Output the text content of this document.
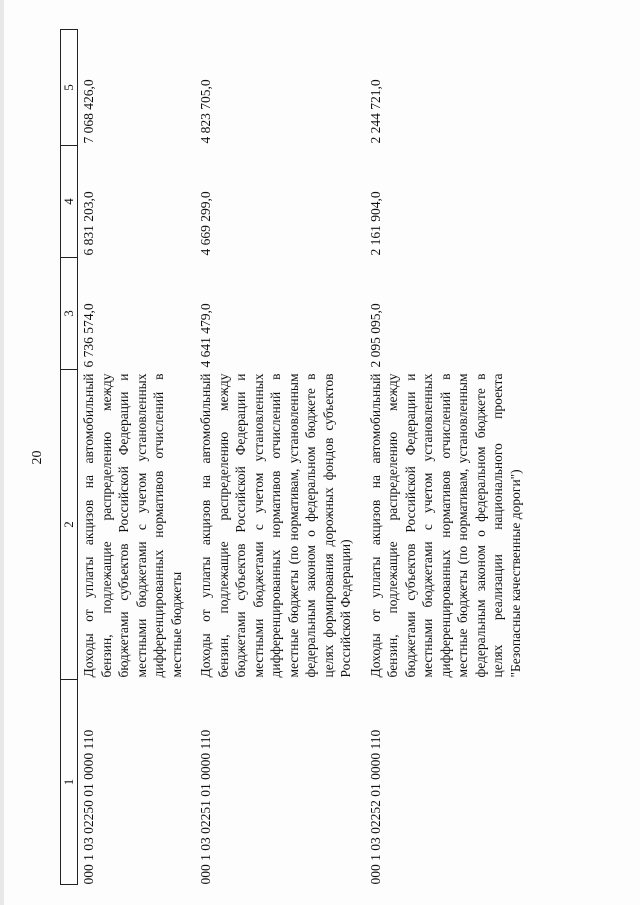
20
1	2	3	4	5
000 1 03 02250 01 0000 110	Доходы от уплаты акцизов на автомобильный бензин, подлежащие распределению между бюджетами субъектов Российской Федерации и местными бюджетами с учетом установленных дифференцированных нормативов отчислений в местные бюджеты	6 736 574,0	6 831 203,0	7 068 426,0
000 1 03 02251 01 0000 110	Доходы от уплаты акцизов на автомобильный бензин, подлежащие распределению между бюджетами субъектов Российской Федерации и местными бюджетами с учетом установленных дифференцированных нормативов отчислений в местные бюджеты (по нормативам, установленным федеральным законом о федеральном бюджете в целях формирования дорожных фондов субъектов Российской Федерации)	4 641 479,0	4 669 299,0	4 823 705,0
000 1 03 02252 01 0000 110	Доходы от уплаты акцизов на автомобильный бензин, подлежащие распределению между бюджетами субъектов Российской Федерации и местными бюджетами с учетом установленных дифференцированных нормативов отчислений в местные бюджеты (по нормативам, установленным федеральным законом о федеральном бюджете в целях реализации национального проекта "Безопасные качественные дороги")	2 095 095,0	2 161 904,0	2 244 721,0
